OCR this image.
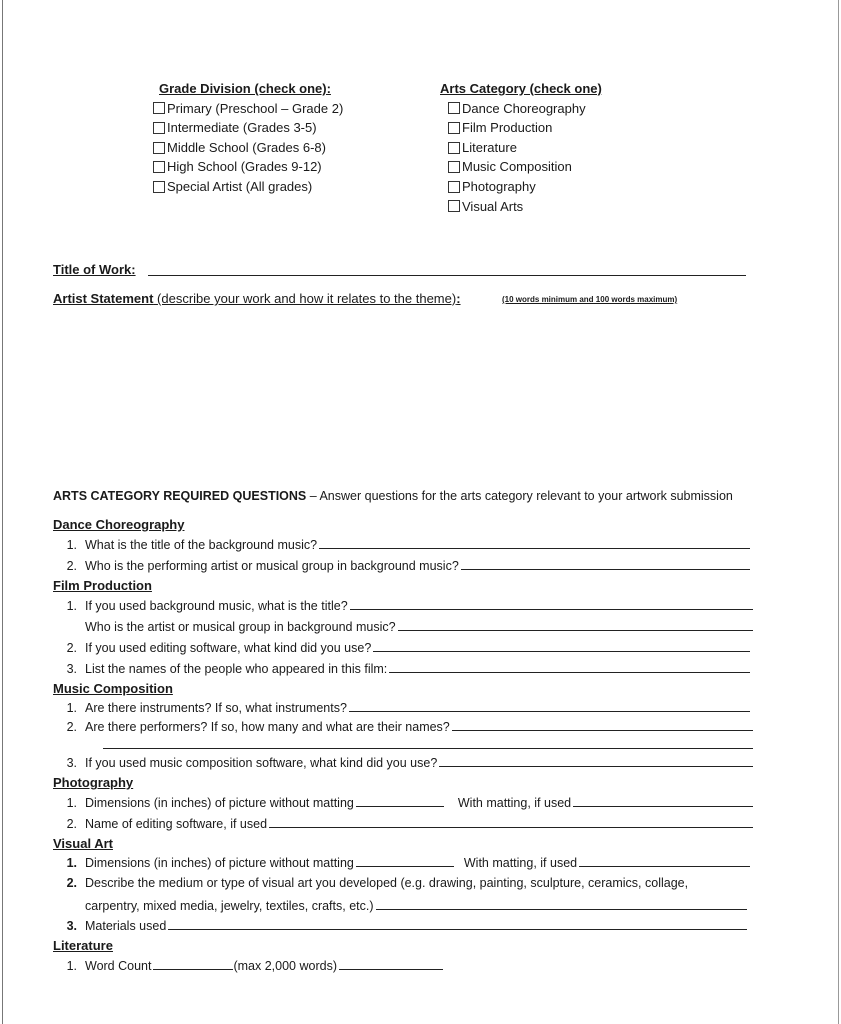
Grade Division (check one):
Primary (Preschool – Grade 2)
Intermediate (Grades 3-5)
Middle School (Grades 6-8)
High School (Grades 9-12)
Special Artist (All grades)
Arts Category (check one)
Dance Choreography
Film Production
Literature
Music Composition
Photography
Visual Arts
Title of Work:
Artist Statement (describe your work and how it relates to the theme):	(10 words minimum and 100 words maximum)
ARTS CATEGORY REQUIRED QUESTIONS – Answer questions for the arts category relevant to your artwork submission
Dance Choreography
1. What is the title of the background music?
2. Who is the performing artist or musical group in background music?
Film Production
1. If you used background music, what is the title?
Who is the artist or musical group in background music?
2. If you used editing software, what kind did you use?
3. List the names of the people who appeared in this film:
Music Composition
1. Are there instruments? If so, what instruments?
2. Are there performers? If so, how many and what are their names?
3. If you used music composition software, what kind did you use?
Photography
1. Dimensions (in inches) of picture without matting	With matting, if used
2. Name of editing software, if used
Visual Art
1. Dimensions (in inches) of picture without matting	With matting, if used
2. Describe the medium or type of visual art you developed (e.g. drawing, painting, sculpture, ceramics, collage,
carpentry, mixed media, jewelry, textiles, crafts, etc.)
3. Materials used
Literature
1. Word Count	(max 2,000 words)
